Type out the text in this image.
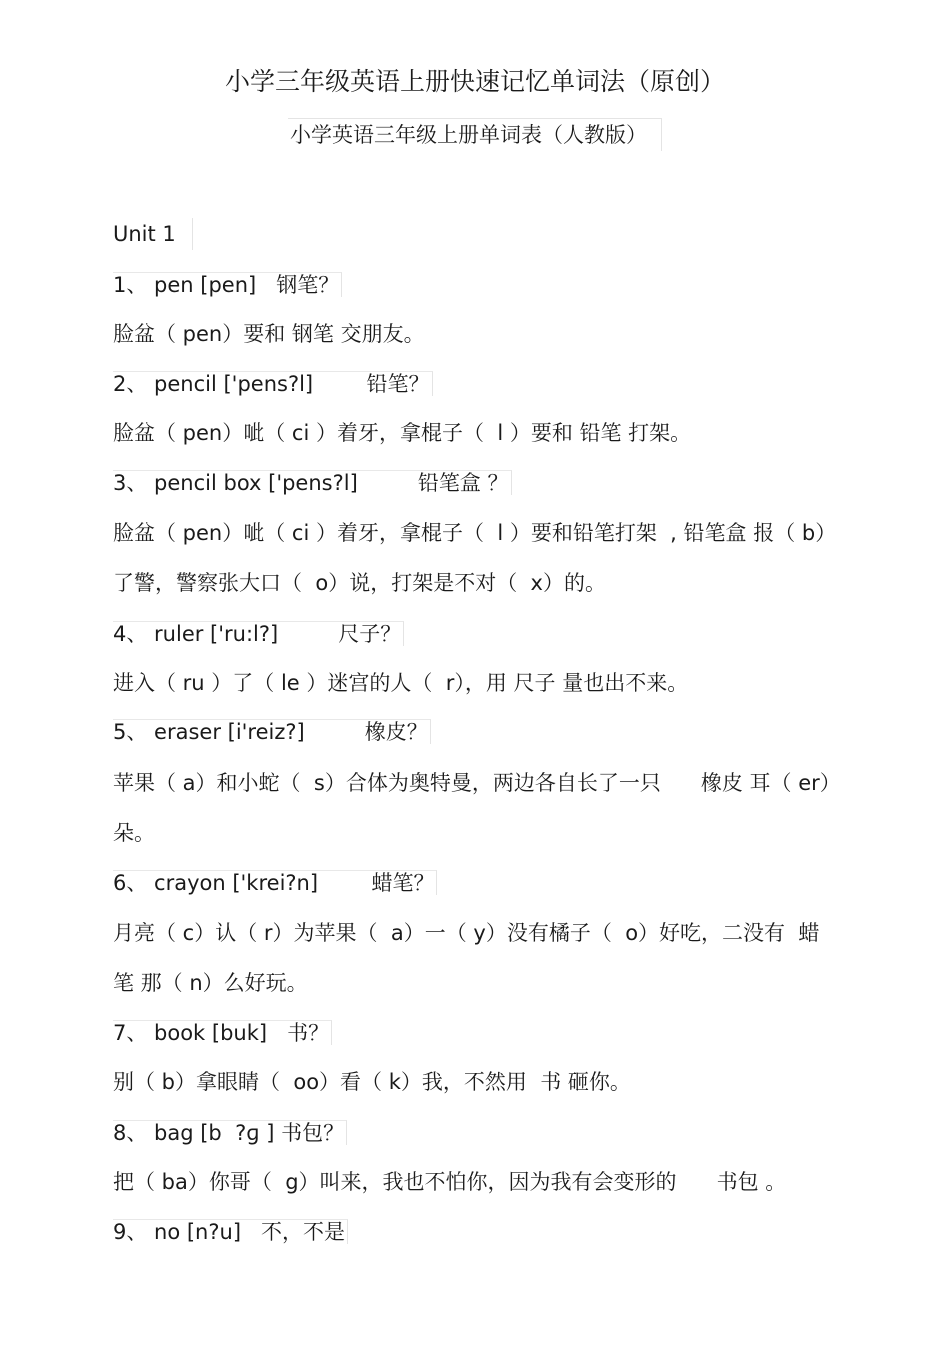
小学三年级英语上册快速记忆单词法（原创）
小学英语三年级上册单词表（人教版）
Unit 1
1、 pen [pen]   钢笔？
脸盆（ pen）要和 钢笔 交朋友。
2、 pencil ['pens?l]        铅笔？
脸盆（ pen）呲（ ci ）着牙，拿棍子（  l ）要和 铅笔 打架。
3、 pencil box ['pens?l]         铅笔盒 ？
脸盆（ pen）呲（ ci ）着牙，拿棍子（  l ）要和铅笔打架  , 铅笔盒 报（ b）
了警，警察张大口（  o）说，打架是不对（  x）的。
4、 ruler ['ru:l?]         尺子？
进入（ ru ）了（ le ）迷宫的人（  r），用 尺子 量也出不来。
5、 eraser [i'reiz?]         橡皮？
苹果（ a）和小蛇（  s）合体为奥特曼，两边各自长了一只      橡皮 耳（ er）
朵。
6、 crayon ['krei?n]        蜡笔？
月亮（ c）认（ r）为苹果（  a）一（ y）没有橘子（  o）好吃，二没有  蜡
笔 那（ n）么好玩。
7、 book [buk]   书？
别（ b）拿眼睛（  oo）看（ k）我，不然用  书 砸你。
8、 bag [b  ?ɡ ] 书包？
把（ ba）你哥（  g）叫来，我也不怕你，因为我有会变形的      书包 。
9、 no [n?u]   不，不是
